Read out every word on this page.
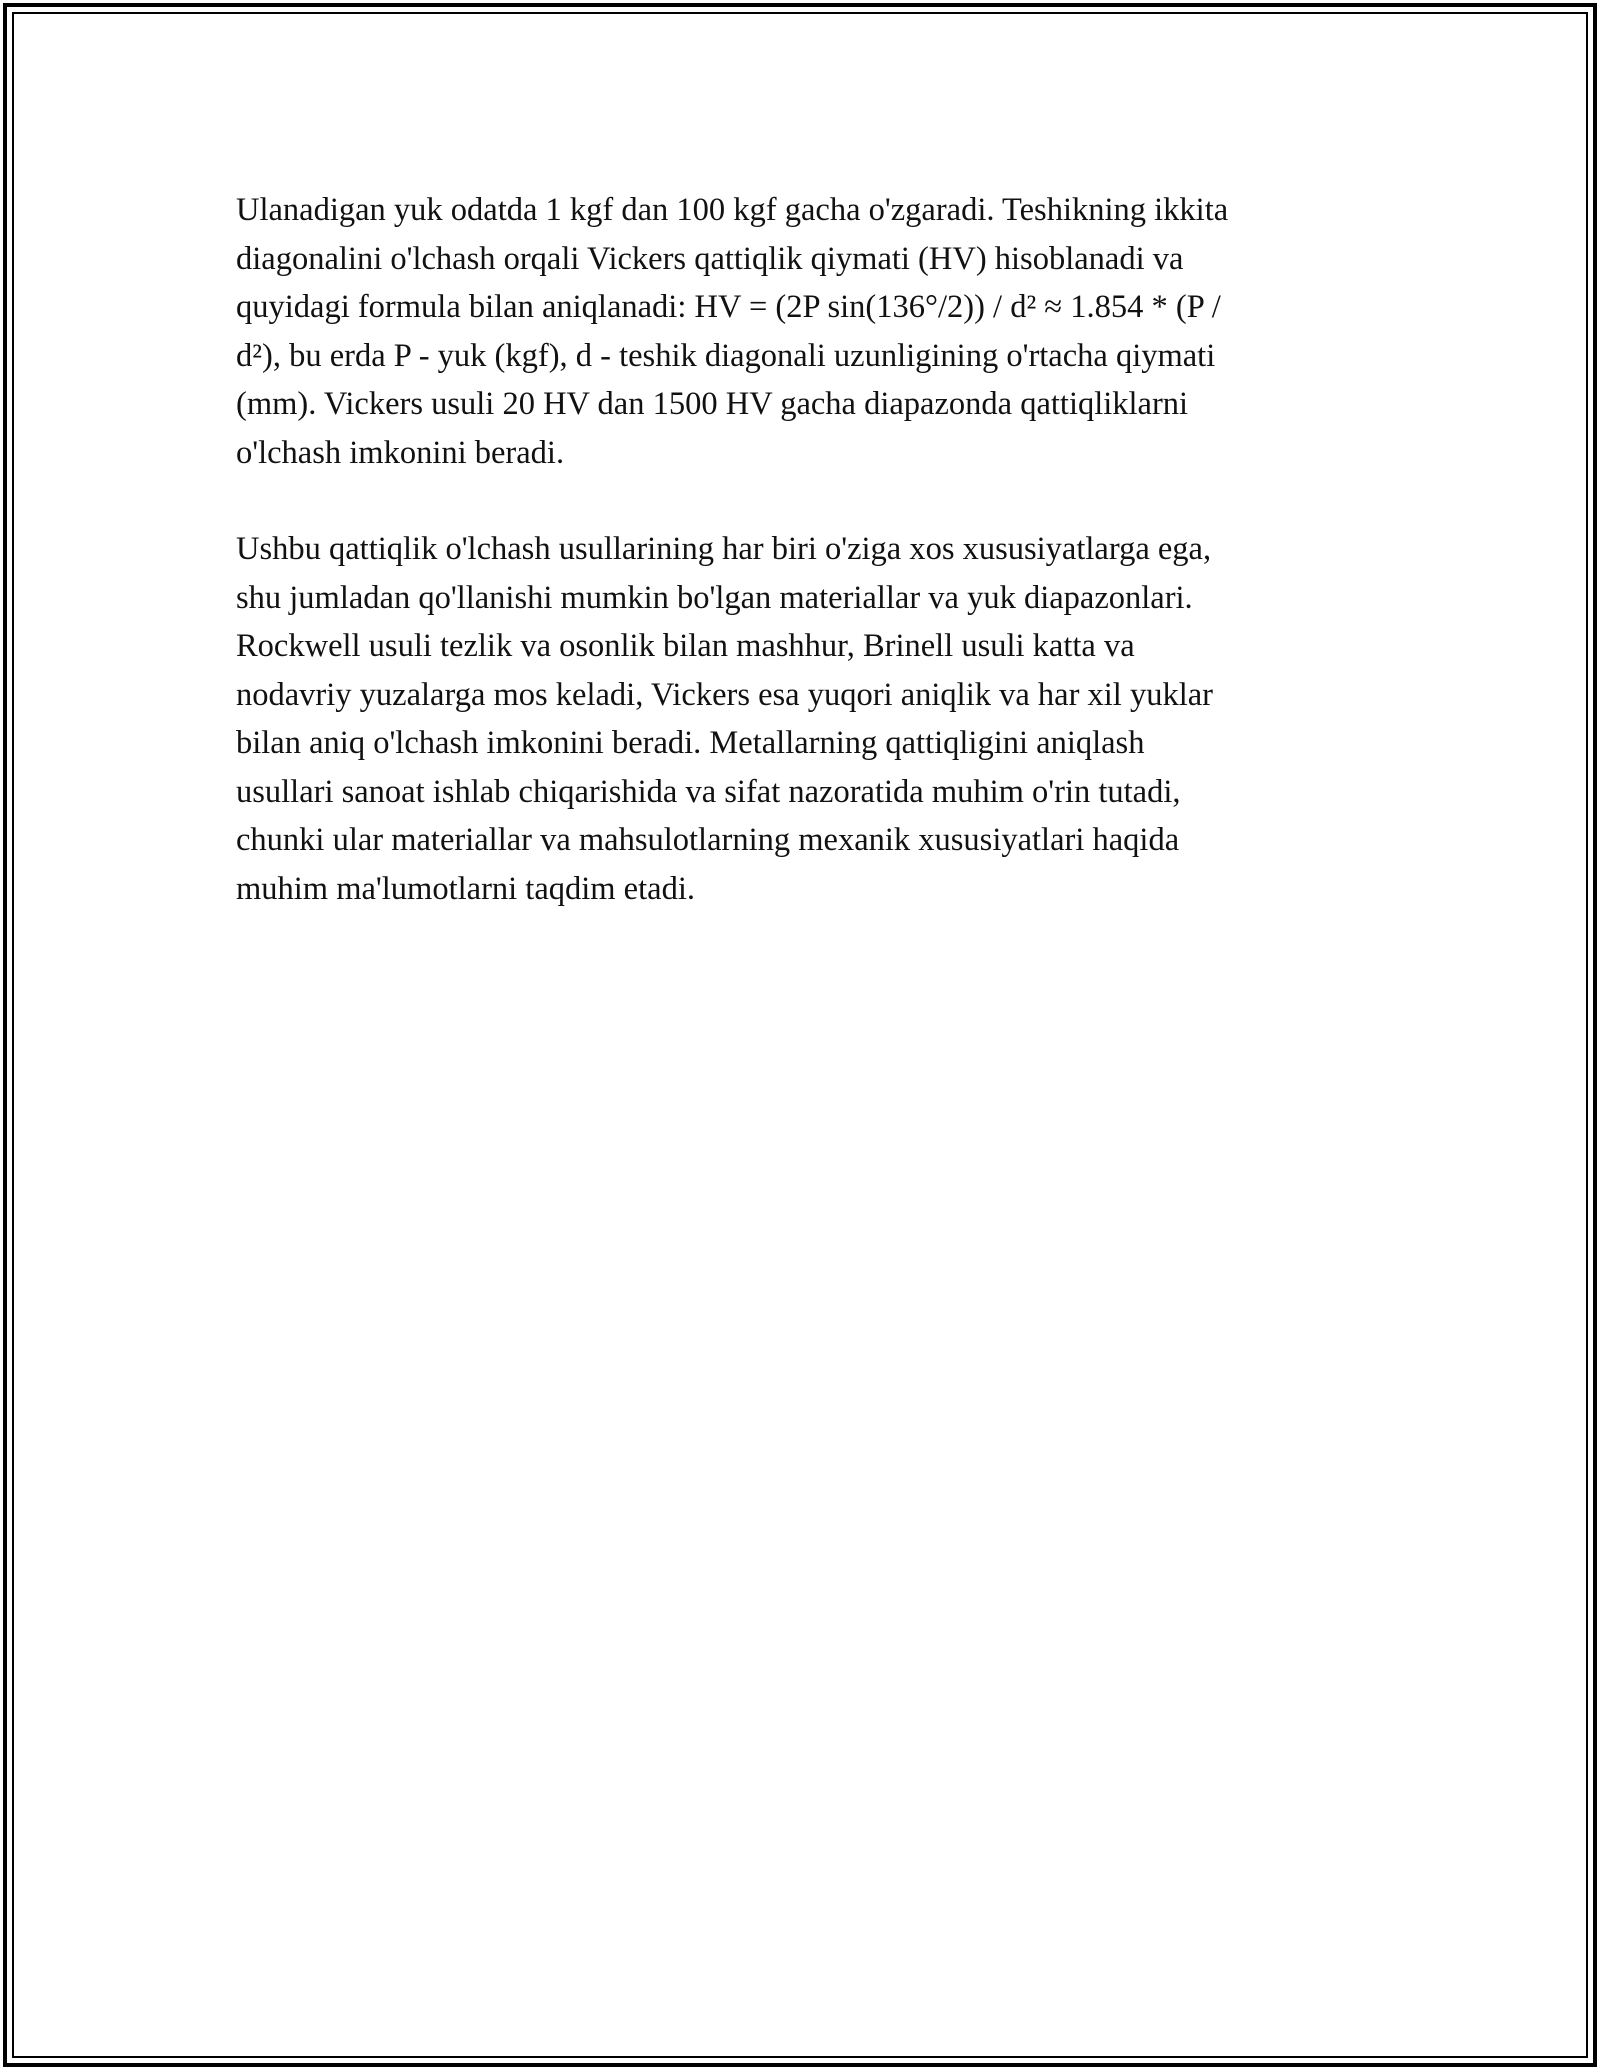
Ulanadigan yuk odatda 1 kgf dan 100 kgf gacha o'zgaradi. Teshikning ikkita
diagonalini o'lchash orqali Vickers qattiqlik qiymati (HV) hisoblanadi va
quyidagi formula bilan aniqlanadi: HV = (2P sin(136°/2)) / d² ≈ 1.854 * (P /
d²), bu erda P - yuk (kgf), d - teshik diagonali uzunligining o'rtacha qiymati
(mm). Vickers usuli 20 HV dan 1500 HV gacha diapazonda qattiqliklarni
o'lchash imkonini beradi.

Ushbu qattiqlik o'lchash usullarining har biri o'ziga xos xususiyatlarga ega,
shu jumladan qo'llanishi mumkin bo'lgan materiallar va yuk diapazonlari.
Rockwell usuli tezlik va osonlik bilan mashhur, Brinell usuli katta va
nodavriy yuzalarga mos keladi, Vickers esa yuqori aniqlik va har xil yuklar
bilan aniq o'lchash imkonini beradi. Metallarning qattiqligini aniqlash
usullari sanoat ishlab chiqarishida va sifat nazoratida muhim o'rin tutadi,
chunki ular materiallar va mahsulotlarning mexanik xususiyatlari haqida
muhim ma'lumotlarni taqdim etadi.
